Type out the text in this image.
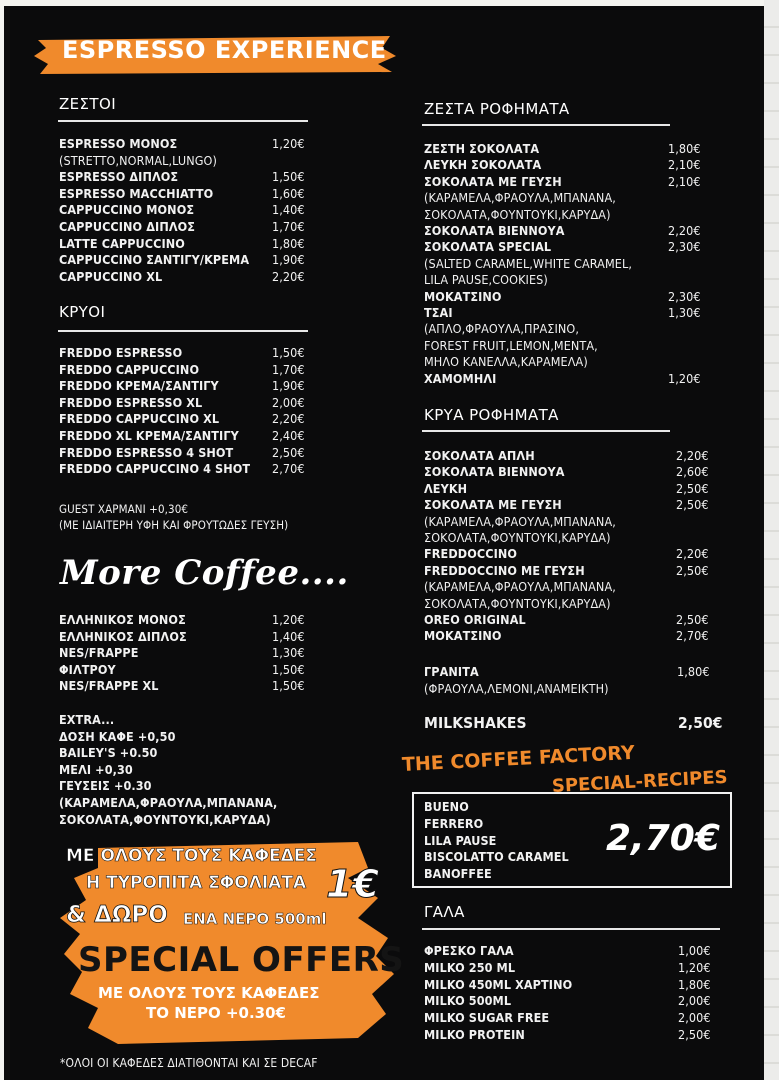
ESPRESSO EXPERIENCE
ΖΕΣΤΟΙ
ESPRESSO ΜΟΝΟΣ	1,20€
(STRETTO,NORMAL,LUNGO)
ESPRESSO ΔΙΠΛΟΣ	1,50€
ESPRESSO MACCHIATTO	1,60€
CAPPUCCINO ΜΟΝΟΣ	1,40€
CAPPUCCINO ΔΙΠΛΟΣ	1,70€
LATTE CAPPUCCINO	1,80€
CAPPUCCINO ΣΑΝΤΙΓΥ/ΚΡΕΜΑ 1,90€
CAPPUCCINO XL	2,20€
ΚΡΥΟΙ
FREDDO ESPRESSO	1,50€
FREDDO CAPPUCCINO	1,70€
FREDDO ΚΡΕΜΑ/ΣΑΝΤΙΓΥ	1,90€
FREDDO ESPRESSO XL	2,00€
FREDDO CAPPUCCINO XL	2,20€
FREDDO XL ΚΡΕΜΑ/ΣΑΝΤΙΓΥ	2,40€
FREDDO ESPRESSO 4 SHOT	2,50€
FREDDO CAPPUCCINO 4 SHOT 2,70€
GUEST ΧΑΡΜΑΝΙ +0,30€
(ΜΕ ΙΔΙΑΙΤΕΡΗ ΥΦΗ ΚΑΙ ΦΡΟΥΤΩΔΕΣ ΓΕΥΣΗ)
More Coffee....
ΕΛΛΗΝΙΚΟΣ ΜΟΝΟΣ	1,20€
ΕΛΛΗΝΙΚΟΣ ΔΙΠΛΟΣ	1,40€
NES/FRAPPE	1,30€
ΦΙΛΤΡΟΥ	1,50€
NES/FRAPPE XL	1,50€
EXTRA...
ΔΟΣΗ ΚΑΦΕ +0,50
BAILEY'S +0.50
ΜΕΛΙ +0,30
ΓΕΥΣΕΙΣ +0.30
(ΚΑΡΑΜΕΛΑ,ΦΡΑΟΥΛΑ,ΜΠΑΝΑΝΑ,
ΣΟΚΟΛΑΤΑ,ΦΟΥΝΤΟΥΚΙ,ΚΑΡΥΔΑ)
ΜΕ ΟΛΟΥΣ ΤΟΥΣ ΚΑΦΕΔΕΣ
Η ΤΥΡΟΠΙΤΑ ΣΦΟΛΙΑΤΑ 1€
& ΔΩΡΟ ΕΝΑ ΝΕΡΟ 500ml
SPECIAL OFFERS
ΜΕ ΟΛΟΥΣ ΤΟΥΣ ΚΑΦΕΔΕΣ
ΤΟ ΝΕΡΟ +0.30€
*ΟΛΟΙ ΟΙ ΚΑΦΕΔΕΣ ΔΙΑΤΙΘΟΝΤΑΙ ΚΑΙ ΣΕ DECAF
ΖΕΣΤΑ ΡΟΦΗΜΑΤΑ
ΖΕΣΤΗ ΣΟΚΟΛΑΤΑ	1,80€
ΛΕΥΚΗ ΣΟΚΟΛΑΤΑ	2,10€
ΣΟΚΟΛΑΤΑ ΜΕ ΓΕΥΣΗ	2,10€
(ΚΑΡΑΜΕΛΑ,ΦΡΑΟΥΛΑ,ΜΠΑΝΑΝΑ,
ΣΟΚΟΛΑΤΑ,ΦΟΥΝΤΟΥΚΙ,ΚΑΡΥΔΑ)
ΣΟΚΟΛΑΤΑ ΒΙΕΝΝΟΥΑ	2,20€
ΣΟΚΟΛΑΤΑ SPECIAL	2,30€
(SALTED CARAMEL,WHITE CARAMEL,
LILA PAUSE,COOKIES)
ΜΟΚΑΤΣΙΝΟ	2,30€
ΤΣΑΙ	1,30€
(ΑΠΛΟ,ΦΡΑΟΥΛΑ,ΠΡΑΣΙΝΟ,
FOREST FRUIT,LEMON,ΜΕΝΤΑ,
ΜΗΛΟ ΚΑΝΕΛΛΑ,ΚΑΡΑΜΕΛΑ)
ΧΑΜΟΜΗΛΙ	1,20€
ΚΡΥΑ ΡΟΦΗΜΑΤΑ
ΣΟΚΟΛΑΤΑ ΑΠΛΗ	2,20€
ΣΟΚΟΛΑΤΑ ΒΙΕΝΝΟΥΑ	2,60€
ΛΕΥΚΗ	2,50€
ΣΟΚΟΛΑΤΑ ΜΕ ΓΕΥΣΗ	2,50€
(ΚΑΡΑΜΕΛΑ,ΦΡΑΟΥΛΑ,ΜΠΑΝΑΝΑ,
ΣΟΚΟΛΑΤΑ,ΦΟΥΝΤΟΥΚΙ,ΚΑΡΥΔΑ)
FREDDOCCINO	2,20€
FREDDOCCINO ΜΕ ΓΕΥΣΗ	2,50€
(ΚΑΡΑΜΕΛΑ,ΦΡΑΟΥΛΑ,ΜΠΑΝΑΝΑ,
ΣΟΚΟΛΑΤΑ,ΦΟΥΝΤΟΥΚΙ,ΚΑΡΥΔΑ)
OREO ORIGINAL	2,50€
ΜΟΚΑΤΣΙΝΟ	2,70€
ΓΡΑΝΙΤΑ	1,80€
(ΦΡΑΟΥΛΑ,ΛΕΜΟΝΙ,ΑΝΑΜΕΙΚΤΗ)
MILKSHAKES	2,50€
THE COFFEE FACTORY
SPECIAL-RECIPES
BUENO
FERRERO
LILA PAUSE
BISCOLATTO CARAMEL
BANOFFEE
2,70€
ΓΑΛΑ
ΦΡΕΣΚΟ ΓΑΛΑ	1,00€
MILKO 250 ML	1,20€
MILKO 450ML ΧΑΡΤΙΝΟ	1,80€
MILKO 500ML	2,00€
MILKO SUGAR FREE	2,00€
MILKO PROTEIN	2,50€
